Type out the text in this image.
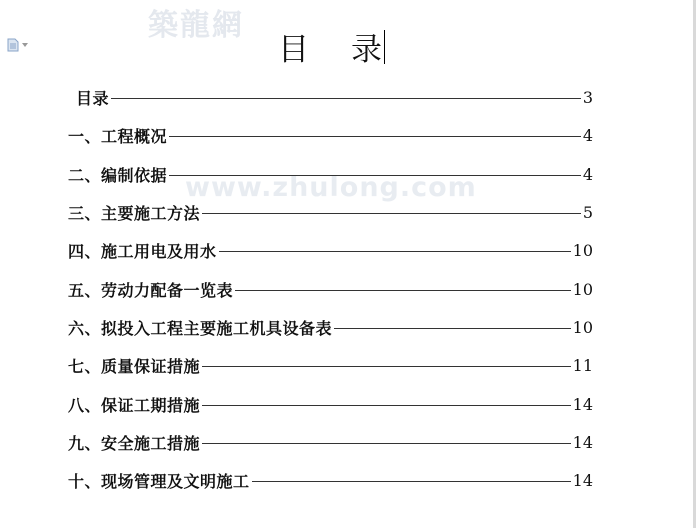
築龍網
目 录
www.zhulong.com
目录	3
一、工程概况	4
二、编制依据	4
三、主要施工方法	5
四、施工用电及用水	10
五、劳动力配备一览表	10
六、拟投入工程主要施工机具设备表	10
七、质量保证措施	11
八、保证工期措施	14
九、安全施工措施	14
十、现场管理及文明施工	14
